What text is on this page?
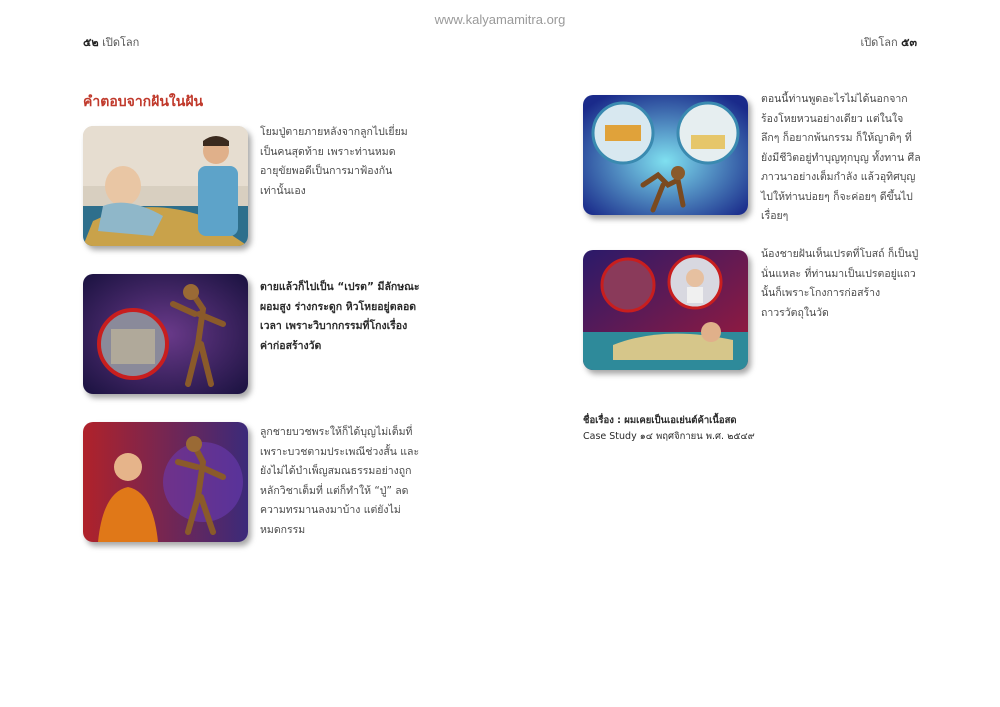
www.kalyamamitra.org
๕๒ เปิดโลก	เปิดโลก ๕๓
คำตอบจากฝันในฝัน
โยมปู่ตายภายหลังจากลูกไปเยี่ยมเป็นคนสุดท้าย เพราะท่านหมดอายุขัยพอดีเป็นการมาฟ้องกันเท่านั้นเอง
ตายแล้วก็ไปเป็น “เปรต” มีลักษณะผอมสูง ร่างกระดูก หิวโหยอยู่ตลอดเวลา เพราะวิบากกรรมที่โกงเรื่องค่าก่อสร้างวัด
ลูกชายบวชพระให้ก็ได้บุญไม่เต็มที่ เพราะบวชตามประเพณีช่วงสั้น และยังไม่ได้บำเพ็ญสมณธรรมอย่างถูกหลักวิชาเต็มที่ แต่ก็ทำให้ “ปู่” ลดความทรมานลงมาบ้าง แต่ยังไม่หมดกรรม
ตอนนี้ท่านพูดอะไรไม่ได้นอกจากร้องโหยหวนอย่างเดียว แต่ในใจลึกๆ ก็อยากพ้นกรรม ก็ให้ญาติๆ ที่ยังมีชีวิตอยู่ทำบุญทุกบุญ ทั้งทาน ศีล ภาวนาอย่างเต็มกำลัง แล้วอุทิศบุญไปให้ท่านบ่อยๆ ก็จะค่อยๆ ดีขึ้นไปเรื่อยๆ
น้องชายฝันเห็นเปรตที่โบสถ์ ก็เป็นปู่นั่นแหละ ที่ท่านมาเป็นเปรตอยู่แถวนั้นก็เพราะโกงการก่อสร้างถาวรวัตถุในวัด
ชื่อเรื่อง : ผมเคยเป็นเอเย่นต์ค้าเนื้อสด
Case Study ๑๔ พฤศจิกายน พ.ศ. ๒๕๔๙
